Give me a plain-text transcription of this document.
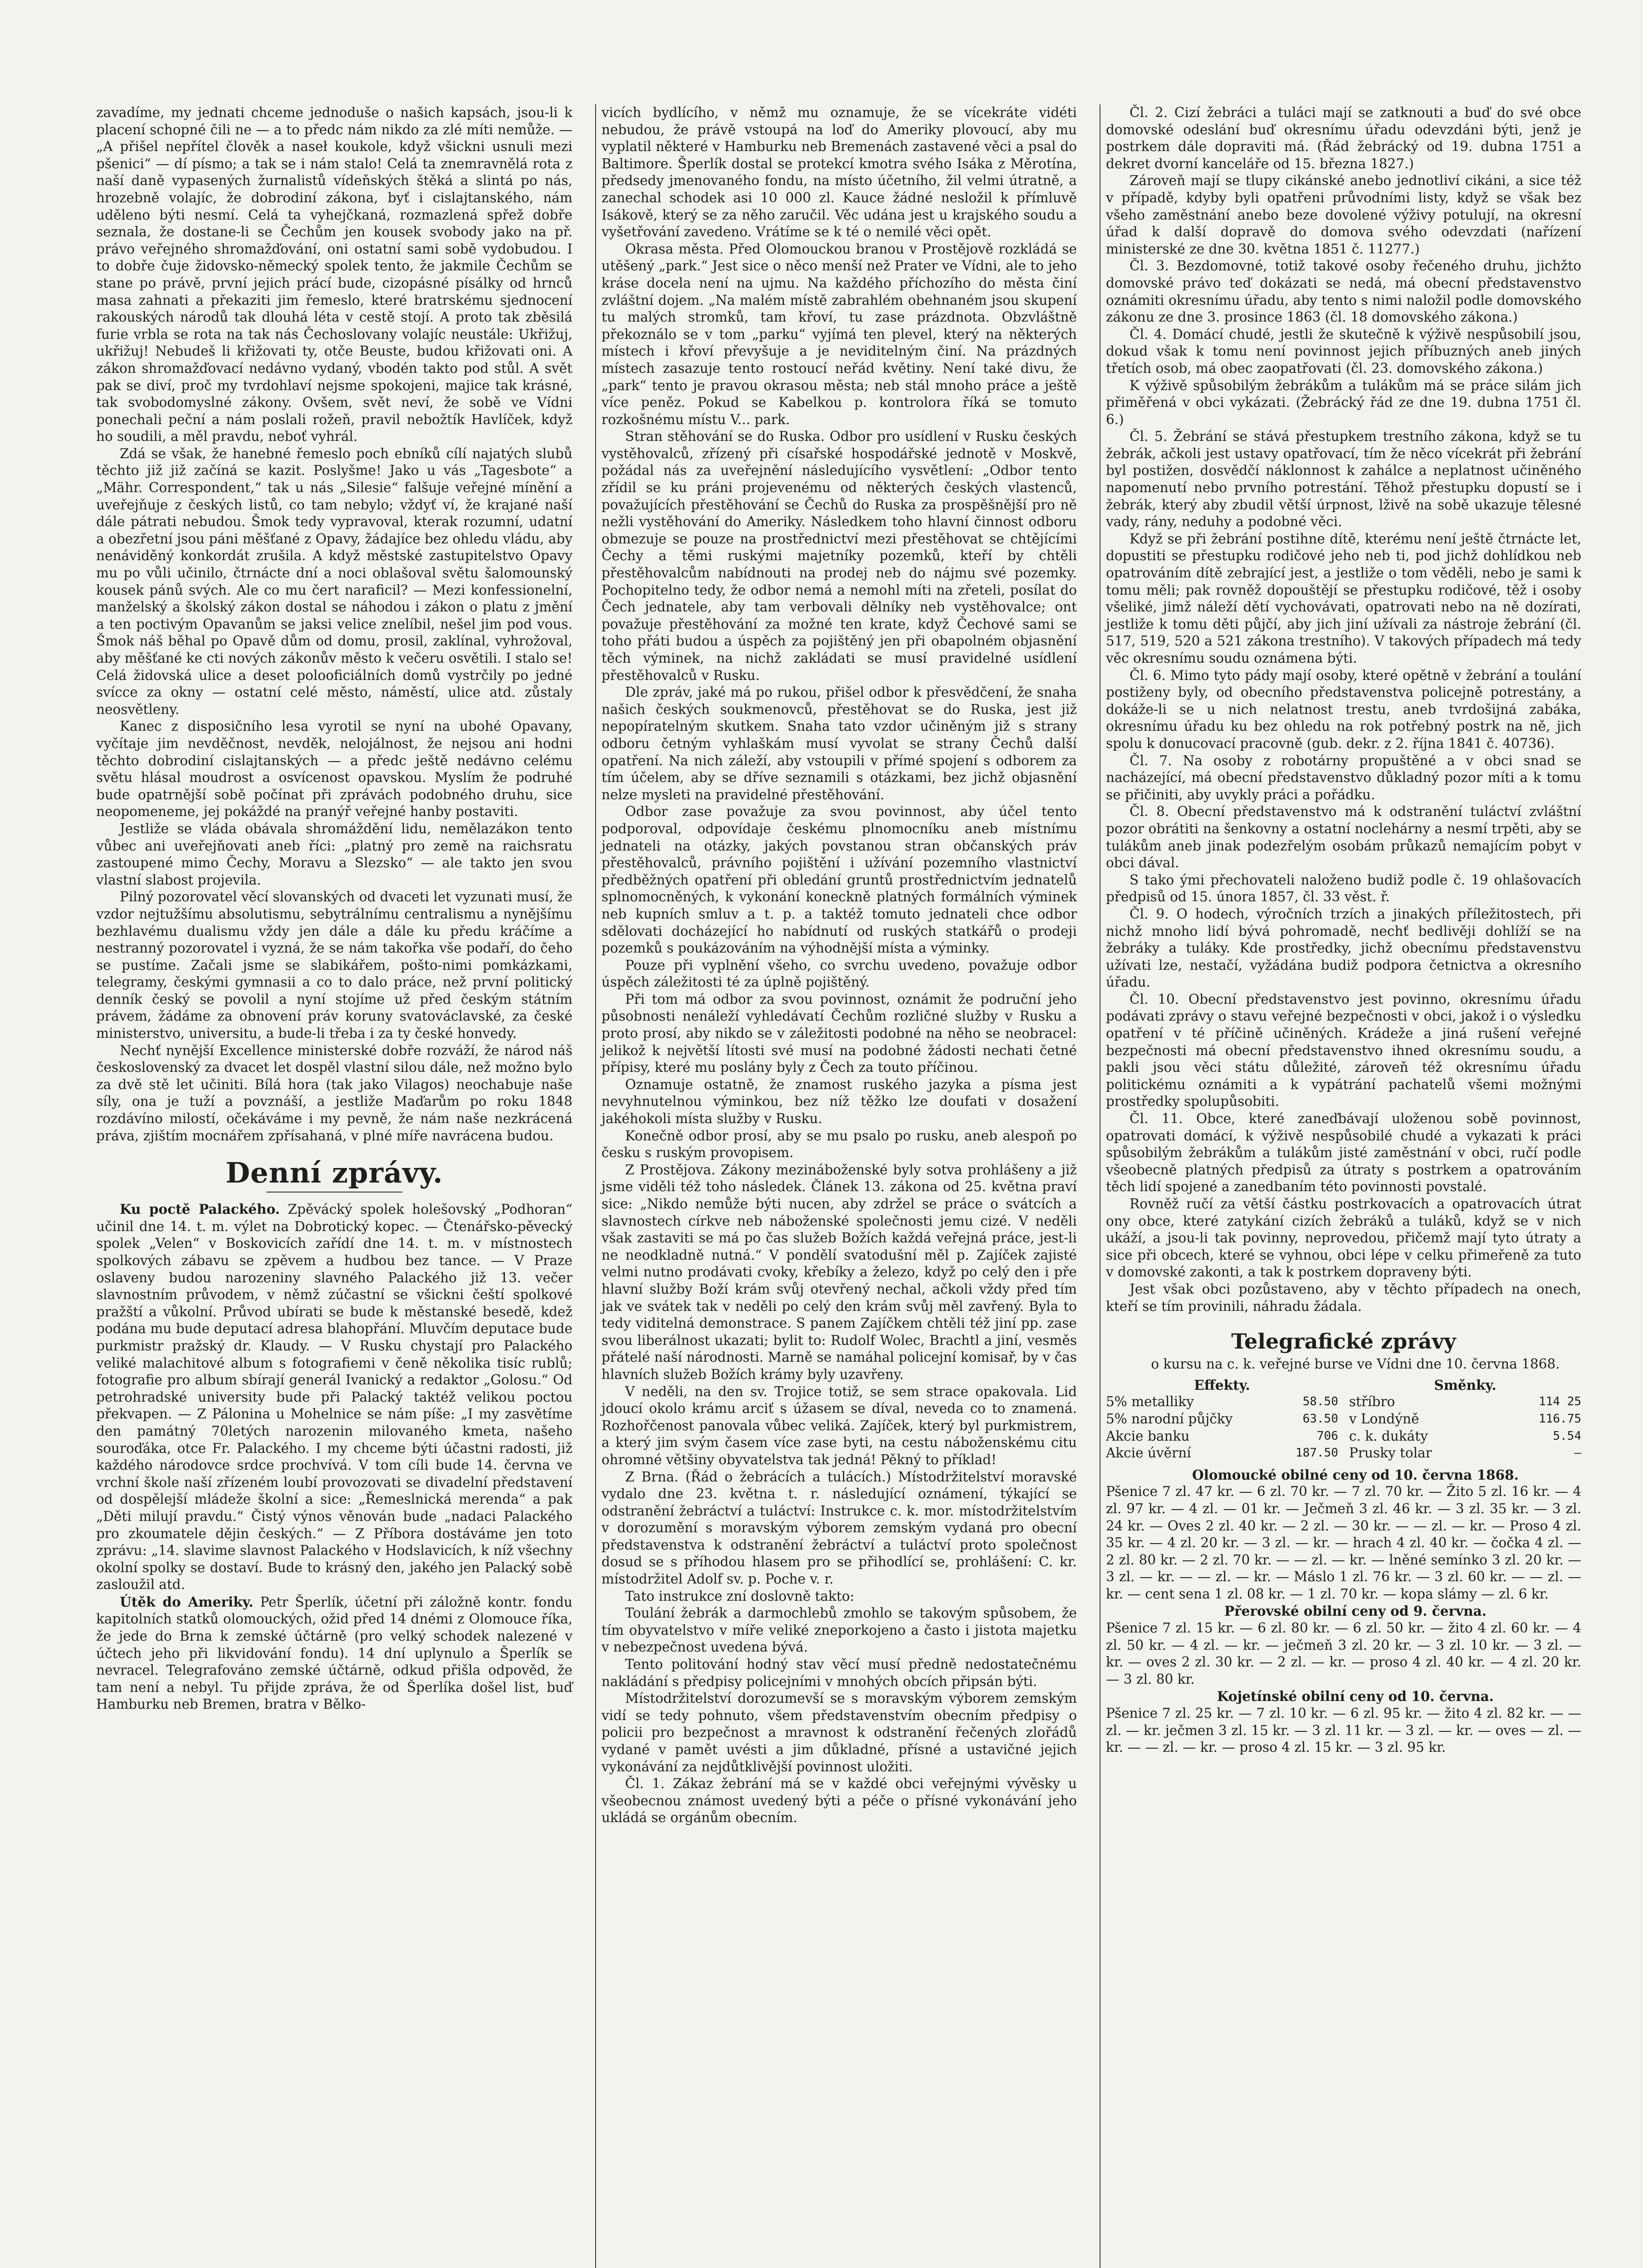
zavadíme, my jednati chceme jednoduše o našich kapsách, jsou-li k placení schopné čili ne — a to předc nám nikdo za zlé míti nemůže. — „A přišel nepřítel člověk a naseł koukole, když všickni usnuli mezi pšenici“ — dí písmo; a tak se i nám stalo! Celá ta znemravnělá rota z naší daně vypasených žurnalistů vídeňských štěká a slintá po nás, hrozebně volajíc, že dobrodiní zákona, byť i cislajtanského, nám uděleno býti nesmí. Celá ta vyhejčkaná, rozmazlená spřež dobře seznala, že dostane-li se Čechům jen kousek svobody jako na př. právo veřejného shromažďování, oni ostatní sami sobě vydobudou. I to dobře čuje židovsko-německý spolek tento, že jakmile Čechům se stane po právě, první jejich prácí bude, cizopásné písálky od hrnců masa zahnati a překaziti jim řemeslo, které bratrskému sjednocení rakouských národů tak dlouhá léta v cestě stojí. A proto tak zběsilá furie vrbla se rota na tak nás Čechoslovany volajíc neustále: Ukřižuj, ukřižuj! Nebudeš li křižovati ty, otče Beuste, budou křižovati oni. A zákon shromažďovací nedávno vydaný, vbodén takto pod stůl. A svět pak se diví, proč my tvrdohlaví nejsme spokojeni, majice tak krásné, tak svobodomyslné zákony. Ovšem, svět neví, že sobě ve Vídni ponechali peční a nám poslali rožeň, pravil nebožtík Havlíček, když ho soudili, a měl pravdu, neboť vyhrál.

Zdá se však, že hanebné řemeslo poch ebníků cílí najatých slubů těchto již již začíná se kazit. Poslyšme! Jako u vás „Tagesbote“ a „Mähr. Correspondent,“ tak u nás „Silesie“ falšuje veřejné mínění a uveřejňuje z českých listů, co tam nebylo; vždyť ví, že krajané naší dále pátrati nebudou. Šmok tedy vypravoval, kterak rozumní, udatní a obezřetní jsou páni měšťané z Opavy, žádajíce bez ohledu vládu, aby nenáviděný konkordát zrušila. A když městské zastupitelstvo Opavy mu po vůli učinilo, čtrnácte dní a noci oblašoval světu šalomounský kousek pánů svých. Ale co mu čert naraficil? — Mezi konfessionelní, manželský a školský zákon dostal se náhodou i zákon o platu z jmění a ten poctivým Opavanům se jaksi velice znelíbil, nešel jim pod vous. Šmok náš běhal po Opavě dům od domu, prosil, zaklínal, vyhrožoval, aby měšťané ke cti nových zákonův město k večeru osvětili. I stalo se! Celá židovská ulice a deset polooficiálních domů vystrčily po jedné svícce za okny — ostatní celé město, náměstí, ulice atd. zůstaly neosvětleny.

Kanec z disposičního lesa vyrotil se nyní na ubohé Opavany, vyčítaje jim nevděčnost, nevděk, nelojálnost, že nejsou ani hodni těchto dobrodiní cislajtanských — a předc ještě nedávno celému světu hlásal moudrost a osvícenost opavskou. Myslím že podruhé bude opatrnější sobě počínat při zprávách podobného druhu, sice neopomeneme, jej pokáždé na pranýř veřejné hanby postaviti.

Jestliže se vláda obávala shromáždění lidu, nemělazákon tento vůbec ani uveřejňovati aneb říci: „platný pro země na raichsratu zastoupené mimo Čechy, Moravu a Slezsko“ — ale takto jen svou vlastní slabost projevila.

Pilný pozorovatel věcí slovanských od dvaceti let vyzunati musí, že vzdor nejtužšímu absolutismu, sebytrálnímu centralismu a nynějšímu bezhlavému dualismu vždy jen dále a dále ku předu kráčíme a nestranný pozorovatel i vyzná, že se nám takořka vše podaří, do čeho se pustíme. Začali jsme se slabikářem, pošto-nimi pomkázkami, telegramy, českými gymnasii a co to dalo práce, než první politický denník český se povolil a nyní stojíme už před českým státním právem, žádáme za obnovení práv koruny svatováclavské, za české ministerstvo, universitu, a bude-li třeba i za ty české honvedy.

Nechť nynější Excellence ministerské dobře rozváží, že národ náš československý za dvacet let dospěl vlastní silou dále, než možno bylo za dvě stě let učiniti. Bílá hora (tak jako Vilagos) neochabuje naše síly, ona je tuží a povznáší, a jestliže Maďarům po roku 1848 rozdávíno milostí, očekáváme i my pevně, že nám naše nezkrácená práva, zjištím mocnářem zpřísahaná, v plné míře navrácena budou.

Denní zprávy.

Ku poctě Palackého. Zpěvácký spolek holešovský „Podhoran“ učinil dne 14. t. m. výlet na Dobrotický kopec. — Čtenářsko-pěvecký spolek „Velen“ v Boskovicích zařídí dne 14. t. m. v místnostech spolkových zábavu se zpěvem a hudbou bez tance. — V Praze oslaveny budou narozeniny slavného Palackého již 13. večer slavnostním průvodem, v němž zúčastní se všickni čeští spolkové pražští a vůkolní. Průvod ubírati se bude k městanské besedě, kdež podána mu bude deputací adresa blahopřání. Mluvčím deputace bude purkmistr pražský dr. Klaudy. — V Rusku chystají pro Palackého veliké malachitové album s fotografiemi v čeně několika tisíc rublů; fotografie pro album sbírají generál Ivanický a redaktor „Golosu.“ Od petrohradské university bude při Palacký taktéž velikou poctou překvapen. — Z Pálonina u Mohelnice se nám píše: „I my zasvětíme den památný 70letých narozenin milovaného kmeta, našeho souroďáka, otce Fr. Palackého. I my chceme býti účastni radosti, již každého národovce srdce prochvívá. V tom cíli bude 14. června ve vrchní škole naší zřízeném loubí provozovati se divadelní představení od dospělejší mládeže školní a sice: „Řemeslnická merenda“ a pak „Děti milují pravdu.“ Čistý výnos věnován bude „nadaci Palackého pro zkoumatele dějin českých.“ — Z Příbora dostáváme jen toto zprávu: „14. slavime slavnost Palackého v Hodslavicích, k níž všechny okolní spolky se dostaví. Bude to krásný den, jakého jen Palacký sobě zasloužil atd.

Útěk do Ameriky. Petr Šperlík, účetní při záložně kontr. fondu kapitolních statků olomouckých, ožid před 14 dnémi z Olomouce říka, že jede do Brna k zemské účtárně (pro velký schodek nalezené v účtech jeho při likvidování fondu). 14 dní uplynulo a Šperlík se nevracel. Telegrafováno zemské účtárně, odkud přišla odpověd, že tam není a nebyl. Tu přijde zpráva, že od Šperlíka došel list, buď Hamburku neb Bremen, bratra v Bělko-

vicích bydlícího, v němž mu oznamuje, že se vícekráte vidéti nebudou, že právě vstoupá na loď do Ameriky plovoucí, aby mu vyplatil některé v Hamburku neb Bremenách zastavené věci a psal do Baltimore. Šperlík dostal se protekcí kmotra svého Isáka z Měrotína, předsedy jmenovaného fondu, na místo účetního, žil velmi útratně, a zanechal schodek asi 10 000 zl. Kauce žádné nesložil k přímluvě Isákově, který se za něho zaručil. Věc udána jest u krajského soudu a vyšetřování zavedeno. Vrátíme se k té o nemilé věci opět.

Okrasa města. Před Olomouckou branou v Prostějově rozkládá se utěšený „park.“ Jest sice o něco menší než Prater ve Vídni, ale to jeho kráse docela není na ujmu. Na každého příchozího do města činí zvláštní dojem. „Na malém místě zabrahlém obehnaném jsou skupení tu malých stromků, tam křoví, tu zase prázdnota. Obzvláštně překoználo se v tom „parku“ vyjímá ten plevel, který na některých místech i křoví převyšuje a je neviditelným činí. Na prázdných místech zasazuje tento rostoucí neřád květiny. Není také divu, že „park“ tento je pravou okrasou města; neb stál mnoho práce a ještě více peněz. Pokud se Kabelkou p. kontrolora říká se tomuto rozkošnému místu V... park.

Stran stěhování se do Ruska. Odbor pro usídlení v Rusku českých vystěhovalců, zřízený při císařské hospodářské jednotě v Moskvě, požádal nás za uveřejnění následujícího vysvětlení: „Odbor tento zřídil se ku práni projevenému od některých českých vlastenců, považujících přestěhování se Čechů do Ruska za prospěšnější pro ně nežli vystěhování do Ameriky. Následkem toho hlavní činnost odboru obmezuje se pouze na prostřednictví mezi přestěhovat se chtějícími Čechy a těmi ruskými majetníky pozemků, kteří by chtěli přestěhovalcům nabídnouti na prodej neb do nájmu své pozemky. Pochopitelno tedy, že odbor nemá a nemohl míti na zřeteli, posílat do Čech jednatele, aby tam verbovali dělníky neb vystěhovalce; ont považuje přestěhování za možné ten krate, když Čechové sami se toho přáti budou a úspěch za pojištěný jen při obapolném objasnění těch výminek, na nichž zakládati se musí pravidelné usídlení přestěhovalců v Rusku.

Dle zpráv, jaké má po rukou, přišel odbor k přesvědčení, že snaha našich českých soukmenovců, přestěhovat se do Ruska, jest již nepopíratelným skutkem. Snaha tato vzdor učiněným již s strany odboru četným vyhlaškám musí vyvolat se strany Čechů další opatření. Na nich záleží, aby vstoupili v přímé spojení s odborem za tím účelem, aby se dříve seznamili s otázkami, bez jichž objasnění nelze mysleti na pravidelné přestěhování.

Odbor zase považuje za svou povinnost, aby účel tento podporoval, odpovídaje českému plnomocníku aneb místnímu jednateli na otázky, jakých povstanou stran občanských práv přestěhovalců, právního pojištění i užívání pozemního vlastnictví předběžných opatření při obledání gruntů prostřednictvím jednatelů splnomocněných, k vykonání koneckně platných formálních výminek neb kupních smluv a t. p. a taktéž tomuto jednateli chce odbor sdělovati docházející ho nabídnutí od ruských statkářů o prodeji pozemků s poukázováním na výhodnější místa a výminky.

Pouze při vyplnění všeho, co svrchu uvedeno, považuje odbor úspěch záležitosti té za úplně pojištěný.

Při tom má odbor za svou povinnost, oznámit že područní jeho působnosti nenáleží vyhledávatí Čechům rozličné služby v Rusku a proto prosí, aby nikdo se v záležitosti podobné na něho se neobracel: jelikož k největší lítosti své musí na podobné žádosti nechati četné přípisy, které mu poslány byly z Čech za touto příčinou.

Oznamuje ostatně, že znamost ruského jazyka a písma jest nevyhnutelnou výminkou, bez níž těžko lze doufati v dosažení jakéhokoli místa služby v Rusku.

Konečně odbor prosí, aby se mu psalo po rusku, aneb alespoň po česku s ruským provopisem.

Z Prostějova. Zákony mezináboženské byly sotva prohlášeny a již jsme viděli též toho následek. Článek 13. zákona od 25. května praví sice: „Nikdo nemůže býti nucen, aby zdržel se práce o svátcích a slavnostech církve neb náboženské společnosti jemu cizé. V neděli však zastaviti se má po čas služeb Božích každá veřejná práce, jest-li ne neodkladně nutná.“ V pondělí svatodušní měl p. Zajíček zajisté velmi nutno prodávati cvoky, křebíky a železo, když po celý den i pře hlavní služby Boží krám svůj otevřený nechal, ačkoli vždy před tím jak ve svátek tak v neděli po celý den krám svůj měl zavřený. Byla to tedy viditelná demonstrace. S panem Zajíčkem chtěli též jiní pp. zase svou liberálnost ukazati; bylit to: Rudolf Wolec, Brachtl a jiní, vesměs přátelé naší národnosti. Marně se namáhal policejní komisař, by v čas hlavních služeb Božích krámy byly uzavřeny.

V neděli, na den sv. Trojice totiž, se sem strace opakovala. Lid jdoucí okolo krámu arciť s úžasem se díval, neveda co to znamená. Rozhořčenost panovala vůbec veliká. Zajíček, který byl purkmistrem, a který jim svým časem více zase byti, na cestu náboženskému citu ohromné většiny obyvatelstva tak jedná! Pěkný to příklad!

Z Brna. (Řád o žebrácích a tulácích.) Místodržitelství moravské vydalo dne 23. května t. r. následující oznámení, týkající se odstranění žebráctví a tuláctví: Instrukce c. k. mor. místodržitelstvím v dorozumění s moravským výborem zemským vydaná pro obecní představenstva k odstranění žebráctví a tuláctví proto společnost dosud se s příhodou hlasem pro se přihodlící se, prohlášení: C. kr. místodržitel Adolf sv. p. Poche v. r.

Tato instrukce zní doslovně takto:

Toulání žebrák a darmochlebů zmohlo se takovým spůsobem, že tím obyvatelstvo v míře veliké zneporkojeno a často i jistota majetku v nebezpečnost uvedena bývá.

Tento politování hodný stav věcí musí předně nedostatečnému nakládání s předpisy policejními v mnohých obcích připsán býti.

Místodržitelství dorozumevší se s moravským výborem zemským vidí se tedy pohnuto, všem představenstvím obecním předpisy o policii pro bezpečnost a mravnost k odstranění řečených zlořádů vydané v pamět uvésti a jim důkladné, přísné a ustavičné jejich vykonávání za nejdůtklivější povinnost uložiti.

Čl. 1. Zákaz žebrání má se v každé obci veřejnými vývěsky u všeobecnou známost uvedený býti a péče o přísné vykonávání jeho ukládá se orgánům obecním.

Čl. 2. Cizí žebráci a tuláci mají se zatknouti a buď do své obce domovské odeslání buď okresnímu úřadu odevzdáni býti, jenž je postrkem dále dopraviti má. (Řád žebrácký od 19. dubna 1751 a dekret dvorní kanceláře od 15. března 1827.)

Zároveň mají se tlupy cikánské anebo jednotliví cikáni, a sice též v případě, kdyby byli opatřeni průvodními listy, když se však bez všeho zaměstnání anebo beze dovolené výživy potulují, na okresní úřad k další dopravě do domova svého odevzdati (nařízení ministerské ze dne 30. května 1851 č. 11277.)

Čl. 3. Bezdomovné, totiž takové osoby řečeného druhu, jichžto domovské právo teď dokázati se nedá, má obecní představenstvo oznámiti okresnímu úřadu, aby tento s nimi naložil podle domovského zákonu ze dne 3. prosince 1863 (čl. 18 domovského zákona.)

Čl. 4. Domácí chudé, jestli že skutečně k výživě nespůsobilí jsou, dokud však k tomu není povinnost jejich příbuzných aneb jiných třetích osob, má obec zaopatřovati (čl. 23. domovského zákona.)

K výživě spůsobilým žebrákům a tulákům má se práce silám jich přiměřená v obci vykázati. (Žebrácký řád ze dne 19. dubna 1751 čl. 6.)

Čl. 5. Žebrání se stává přestupkem trestního zákona, když se tu žebrák, ačkoli jest ustavy opatřovací, tím že něco vícekrát při žebrání byl postižen, dosvědčí náklonnost k zahálce a neplatnost učiněného napomenutí nebo prvního potrestání. Těhož přestupku dopustí se i žebrák, který aby zbudil větší úrpnost, lživě na sobě ukazuje tělesné vady, rány, neduhy a podobné věci.

Když se při žebrání postihne dítě, kterému není ještě čtrnácte let, dopustiti se přestupku rodičové jeho neb ti, pod jichž dohlídkou neb opatrováním dítě zebrající jest, a jestliže o tom věděli, nebo je sami k tomu měli; pak rovněž dopouštějí se přestupku rodičové, těž i osoby všeliké, jimž náleží dětí vychovávati, opatrovati nebo na ně dozírati, jestliže k tomu děti půjčí, aby jich jiní užívali za nástroje žebrání (čl. 517, 519, 520 a 521 zákona trestního). V takových případech má tedy věc okresnímu soudu oznámena býti.

Čl. 6. Mimo tyto pády mají osoby, které opětně v žebrání a toulání postiženy byly, od obecního představenstva policejně potrestány, a dokáže-li se u nich nelatnost trestu, aneb tvrdošijná zabáka, okresnímu úřadu ku bez ohledu na rok potřebný postrk na ně, jich spolu k donucovací pracovně (gub. dekr. z 2. října 1841 č. 40736).

Čl. 7. Na osoby z robotárny propuštěné a v obci snad se nacházející, má obecní představenstvo důkladný pozor míti a k tomu se přičiniti, aby uvykly práci a pořádku.

Čl. 8. Obecní představenstvo má k odstranění tuláctví zvláštní pozor obrátiti na šenkovny a ostatní noclehárny a nesmí trpěti, aby se tulákům aneb jinak podezřelým osobám průkazů nemajícím pobyt v obci dával.

S tako ými přechovateli naloženo budiž podle č. 19 ohlašovacích předpisů od 15. února 1857, čl. 33 věst. ř.

Čl. 9. O hodech, výročních trzích a jinakých příležitostech, při nichž mnoho lidí bývá pohromadě, nechť bedlivěji dohlíží se na žebráky a tuláky. Kde prostředky, jichž obecnímu představenstvu užívati lze, nestačí, vyžádána budiž podpora četnictva a okresního úřadu.

Čl. 10. Obecní představenstvo jest povinno, okresnímu úřadu podávati zprávy o stavu veřejné bezpečnosti v obci, jakož i o výsledku opatření v té příčině učiněných. Krádeže a jiná rušení veřejné bezpečnosti má obecní představenstvo ihned okresnímu soudu, a pakli jsou věci státu důležité, zároveň též okresnímu úřadu politickému oznámiti a k vypátrání pachatelů všemi možnými prostředky spolupůsobiti.

Čl. 11. Obce, které zaneďbávají uloženou sobě povinnost, opatrovati domácí, k výživě nespůsobilé chudé a vykazati k práci spůsobilým žebrákům a tulákům jisté zaměstnání v obci, ručí podle všeobecně platných předpisů za útraty s postrkem a opatrováním těch lidí spojené a zanedbaním této povinnosti povstalé.

Rovněž ručí za větší částku postrkovacích a opatrovacích útrat ony obce, které zatykání cizích žebráků a tuláků, když se v nich ukáží, a jsou-li tak povinny, neprovedou, přičemž mají tyto útraty a sice při obcech, které se vyhnou, obci lépe v celku přimeřeně za tuto v domovské zakonti, a tak k postrkem dopraveny býti.

Jest však obci pozůstaveno, aby v těchto případech na onech, kteří se tím provinili, náhradu žádala.

Telegrafické zprávy

o kursu na c. k. veřejné burse ve Vídni dne 10. června 1868.

Effekty.
5% metalliky	58.50
5% narodní půjčky	63.50
Akcie banku	706
Akcie úvěrní	187.50
Směnky.
stříbro	114 25
v Londýně	116.75
c. k. dukáty	5.54
Prusky tolar	—

Olomoucké obilné ceny od 10. června 1868.

Pšenice 7 zl. 47 kr. — 6 zl. 70 kr. — 7 zl. 70 kr. — Žito 5 zl. 16 kr. — 4 zl. 97 kr. — 4 zl. — 01 kr. — Ječmeň 3 zl. 46 kr. — 3 zl. 35 kr. — 3 zl. 24 kr. — Oves 2 zl. 40 kr. — 2 zl. — 30 kr. — — zl. — kr. — Proso 4 zl. 35 kr. — 4 zl. 20 kr. — 3 zl. — kr. — hrach 4 zl. 40 kr. — čočka 4 zl. — 2 zl. 80 kr. — 2 zl. 70 kr. — — zl. — kr. — lněné semínko 3 zl. 20 kr. — 3 zl. — kr. — — zl. — kr. — Máslo 1 zl. 76 kr. — 3 zl. 60 kr. — — zl. — kr. — cent sena 1 zl. 08 kr. — 1 zl. 70 kr. — kopa slámy — zl. 6 kr.

Přerovské obilní ceny od 9. června.

Pšenice 7 zl. 15 kr. — 6 zl. 80 kr. — 6 zl. 50 kr. — žito 4 zl. 60 kr. — 4 zl. 50 kr. — 4 zl. — kr. — ječmeň 3 zl. 20 kr. — 3 zl. 10 kr. — 3 zl. — kr. — oves 2 zl. 30 kr. — 2 zl. — kr. — proso 4 zl. 40 kr. — 4 zl. 20 kr. — 3 zl. 80 kr.

Kojetínské obilní ceny od 10. června.

Pšenice 7 zl. 25 kr. — 7 zl. 10 kr. — 6 zl. 95 kr. — žito 4 zl. 82 kr. — — zl. — kr. ječmen 3 zl. 15 kr. — 3 zl. 11 kr. — 3 zl. — kr. — oves — zl. — kr. — — zl. — kr. — proso 4 zl. 15 kr. — 3 zl. 95 kr.
